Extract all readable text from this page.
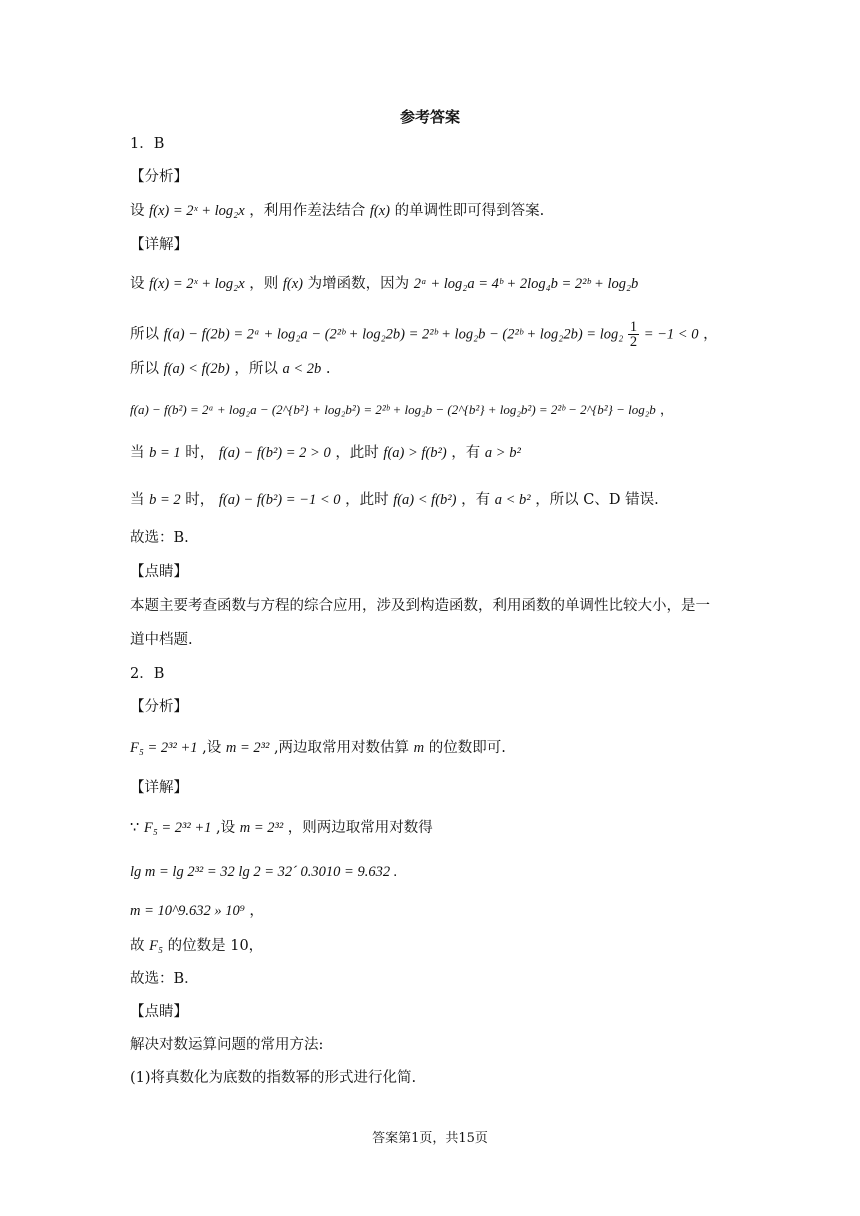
参考答案
1．B
【分析】
设 f(x) = 2ˣ + log₂x ，利用作差法结合 f(x) 的单调性即可得到答案.
【详解】
设 f(x) = 2ˣ + log₂x ，则 f(x) 为增函数，因为 2ᵃ + log₂a = 4ᵇ + 2log₄b = 2²ᵇ + log₂b
所以 f(a) − f(2b) = 2ᵃ + log₂a − (2²ᵇ + log₂2b) = 2²ᵇ + log₂b − (2²ᵇ + $\log_22b) = \log_2 \frac{1}{2} = -1 < 0$ ，
所以 f(a) < f(2b) ，所以 a < 2b .
f(a) − f(b²) = 2ᵃ + log₂a − (2^{b²} + log₂b²) = 2²ᵇ + log₂b − (2^{b²} + log₂b²) = 2²ᵇ − 2^{b²} − log₂b ，
当 b = 1 时， f(a) − f(b²) = 2 > 0 ，此时 f(a) > f(b²) ，有 a > b²
当 b = 2 时， f(a) − f(b²) = −1 < 0 ，此时 f(a) < f(b²) ，有 a < b² ，所以 C、D 错误.
故选：B.
【点睛】
本题主要考查函数与方程的综合应用，涉及到构造函数，利用函数的单调性比较大小，是一
道中档题.
2．B
【分析】
F₅ = 2³² +1 ,设 m = 2³² ,两边取常用对数估算 m 的位数即可.
【详解】
∵ F₅ = 2³² +1 ,设 m = 2³² ，则两边取常用对数得
lg m = lg 2³² = 32 lg 2 = 32´ 0.3010 = 9.632 .
m = 10^9.632 » 10⁹ ，
故 F₅ 的位数是 10，
故选：B．
【点睛】
解决对数运算问题的常用方法:
(1)将真数化为底数的指数幂的形式进行化简.
答案第1页，共15页
